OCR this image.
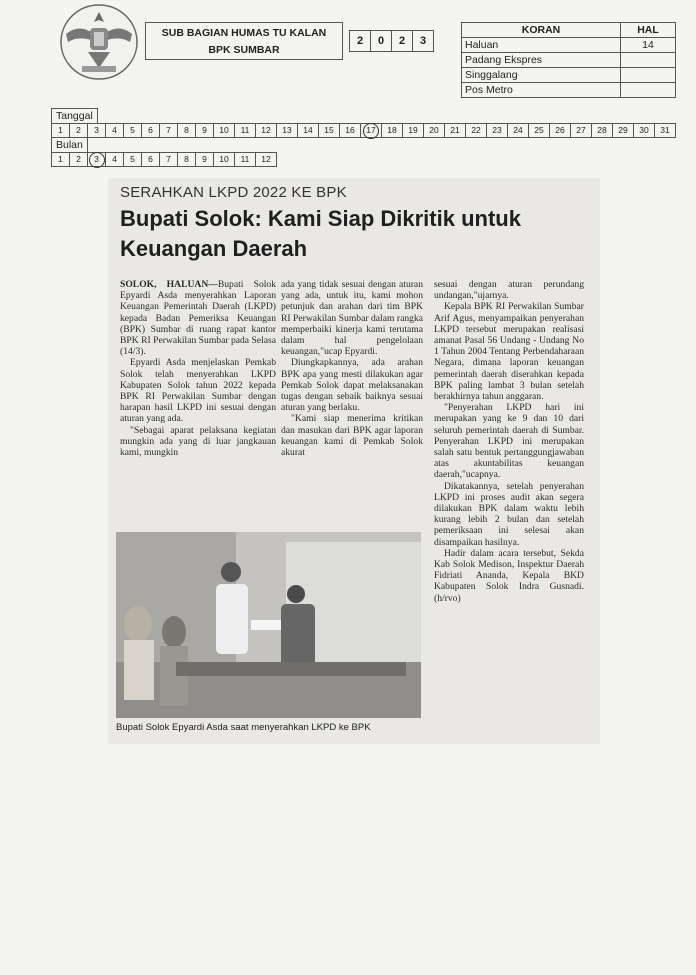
SUB BAGIAN HUMAS TU KALAN
BPK SUMBAR
2	0	2	3
KORAN	HAL
Haluan	14
Padang Ekspres	
Singgalang	
Pos Metro	
Tanggal
1	2	3	4	5	6	7	8	9	10	11	12	13	14	15	16	17	18	19	20	21	22	23	24	25	26	27	28	29	30	31
Bulan
1	2	3	4	5	6	7	8	9	10	11	12
SERAHKAN LKPD 2022 KE BPK
Bupati Solok: Kami Siap Dikritik untuk Keuangan Daerah

SOLOK, HALUAN—Bupati Solok Epyardi Asda menyerahkan Laporan Keuangan Pemerintah Daerah (LKPD) kepada Badan Pemeriksa Keuangan (BPK) Sumbar di ruang rapat kantor BPK RI Perwakilan Sumbar pada Selasa (14/3).

Epyardi Asda menjelaskan Pemkab Solok telah menyerahkan LKPD Kabupaten Solok tahun 2022 kepada BPK RI Perwakilan Sumbar dengan harapan hasil LKPD ini sesuai dengan aturan yang ada.

"Sebagai aparat pelaksana kegiatan mungkin ada yang di luar jangkauan kami, mungkin

ada yang tidak sesuai dengan aturan yang ada, untuk itu, kami mohon petunjuk dan arahan dari tim BPK RI Perwakilan Sumbar dalam rangka memperbaiki kinerja kami terutama dalam hal pengelolaan keuangan,"ucap Epyardi.

Diungkapkannya, ada arahan BPK apa yang mesti dilakukan agar Pemkab Solok dapat melaksanakan tugas dengan sebaik baiknya sesuai aturan yang berlaku.

"Kami siap menerima kritikan dan masukan dari BPK agar laporan keuangan kami di Pemkab Solok akurat

sesuai dengan aturan perundang undangan,"ujarnya.

Kepala BPK RI Perwakilan Sumbar Arif Agus, menyampaikan penyerahan LKPD tersebut merupakan realisasi amanat Pasal 56 Undang - Undang No 1 Tahun 2004 Tentang Perbendaharaan Negara, dimana laporan keuangan pemerintah daerah diserahkan kepada BPK paling lambat 3 bulan setelah berakhirnya tahun anggaran.

"Penyerahan LKPD hari ini merupakan yang ke 9 dan 10 dari seluruh pemerintah daerah di Sumbar. Penyerahan LKPD ini merupakan salah satu bentuk pertanggungjawaban atas akuntabilitas keuangan daerah,"ucapnya.

Dikatakannya, setelah penyerahan LKPD ini proses audit akan segera dilakukan BPK dalam waktu lebih kurang lebih 2 bulan dan setelah pemeriksaan ini selesai akan disampaikan hasilnya.

Hadir dalam acara tersebut, Sekda Kab Solok Medison, Inspektur Daerah Fidriati Ananda, Kepala BKD Kabupaten Solok Indra Gusnadi.(h/rvo)

Bupati Solok Epyardi Asda saat menyerahkan LKPD ke BPK
